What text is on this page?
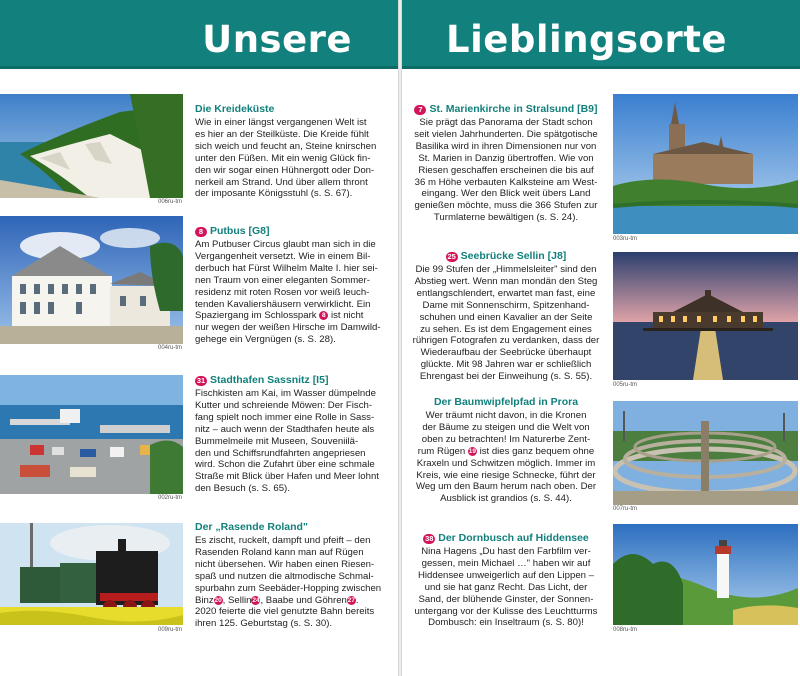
Unsere
006ru-tm
Die Kreideküste
Wie in einer längst vergangenen Welt ist
es hier an der Steilküste. Die Kreide fühlt
sich weich und feucht an, Steine knirschen
unter den Füßen. Mit ein wenig Glück fin-
den wir sogar einen Hühnergott oder Don-
nerkeil am Strand. Und über allem thront
der imposante Königsstuhl (s. S. 67).
004ru-tm
8 Putbus [G8]
Am Putbuser Circus glaubt man sich in die
Vergangenheit versetzt. Wie in einem Bil-
derbuch hat Fürst Wilhelm Malte I. hier sei-
nen Traum von einer eleganten Sommer-
residenz mit roten Rosen vor weiß leuch-
tenden Kavaliershäusern verwirklicht. Ein
Spaziergang im Schlosspark 8 ist nicht
nur wegen der weißen Hirsche im Damwild-
gehege ein Vergnügen (s. S. 28).
002ru-tm
31 Stadthafen Sassnitz [I5]
Fischkisten am Kai, im Wasser dümpelnde
Kutter und schreiende Möwen: Der Fisch-
fang spielt noch immer eine Rolle in Sass-
nitz – auch wenn der Stadthafen heute als
Bummelmeile mit Museen, Souveniilä-
den und Schiffsrundfahrten angepriesen
wird. Schon die Zufahrt über eine schmale
Straße mit Blick über Hafen und Meer lohnt
den Besuch (s. S. 65).
009ru-tm
Der „Rasende Roland"
Es zischt, ruckelt, dampft und pfeift – den
Rasenden Roland kann man auf Rügen
nicht übersehen. Wir haben einen Riesen-
spaß und nutzen die altmodische Schmal-
spurbahn zum Seebäder-Hopping zwischen
Binz20, Sellin24, Baabe und Göhren27.
2020 feierte die viel genutzte Bahn bereits
ihren 125. Geburtstag (s. S. 30).
Lieblingsorte
7 St. Marienkirche in Stralsund [B9]
Sie prägt das Panorama der Stadt schon
seit vielen Jahrhunderten. Die spätgotische
Basilika wird in ihren Dimensionen nur von
St. Marien in Danzig übertroffen. Wie von
Riesen geschaffen erscheinen die bis auf
36 m Höhe verbauten Kalksteine am West-
eingang. Wer den Blick weit übers Land
genießen möchte, muss die 366 Stufen zur
Turmlaterne bewältigen (s. S. 24).
003ru-tm
25 Seebrücke Sellin [J8]
Die 99 Stufen der „Himmelsleiter" sind den
Abstieg wert. Wenn man mondän den Steg
entlangschlendert, erwartet man fast, eine
Dame mit Sonnenschirm, Spitzenhand-
schuhen und einen Kavalier an der Seite
zu sehen. Es ist dem Engagement eines
rührigen Fotografen zu verdanken, dass der
Wiederaufbau der Seebrücke überhaupt
glückte. Mit 98 Jahren war er schließlich
Ehrengast bei der Einweihung (s. S. 55).
005ru-tm
Der Baumwipfelpfad in Prora
Wer träumt nicht davon, in die Kronen
der Bäume zu steigen und die Welt von
oben zu betrachten! Im Naturerbe Zent-
rum Rügen 19 ist dies ganz bequem ohne
Kraxeln und Schwitzen möglich. Immer im
Kreis, wie eine riesige Schnecke, führt der
Weg um den Baum herum nach oben. Der
Ausblick ist grandios (s. S. 44).
007ru-tm
38 Der Dornbusch auf Hiddensee
Nina Hagens „Du hast den Farbfilm ver-
gessen, mein Michael …" haben wir auf
Hiddensee unweigerlich auf den Lippen –
und sie hat ganz Recht. Das Licht, der
Sand, der blühende Ginster, der Sonnen-
untergang vor der Kulisse des Leuchtturms
Dombusch: ein Inseltraum (s. S. 80)!
008ru-tm
